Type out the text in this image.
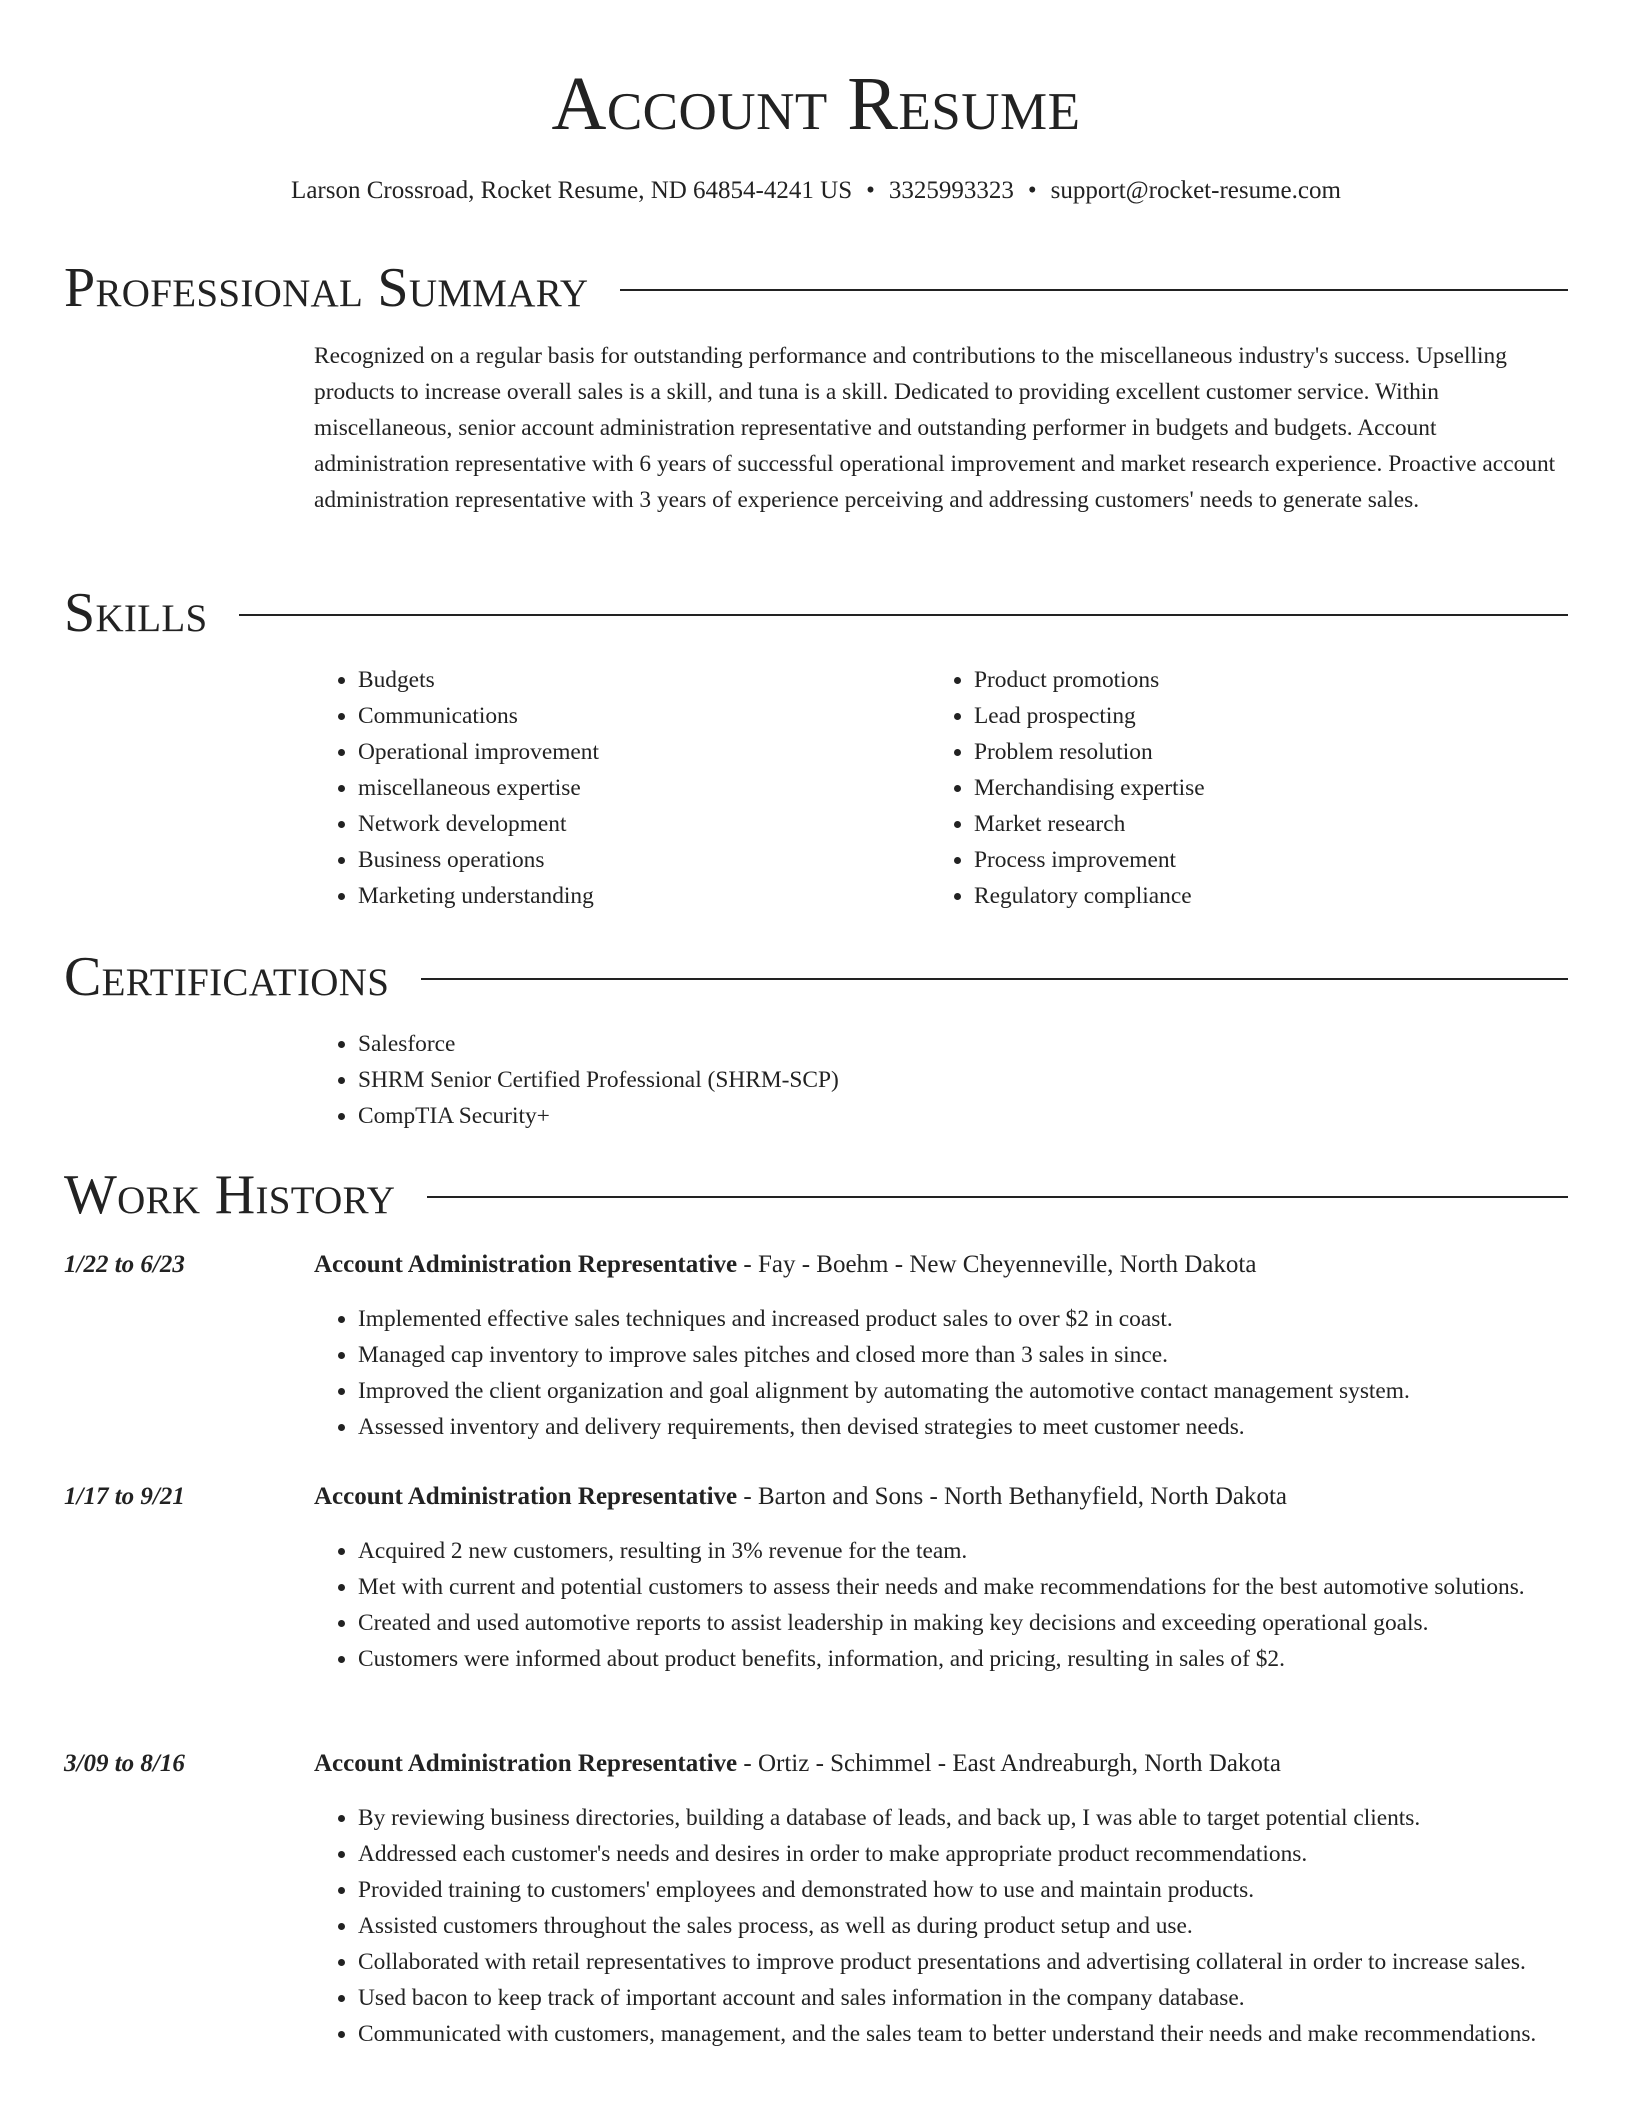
Account Resume
Larson Crossroad, Rocket Resume, ND 64854-4241 US • 3325993323 • support@rocket-resume.com
Professional Summary
Recognized on a regular basis for outstanding performance and contributions to the miscellaneous industry's success. Upselling products to increase overall sales is a skill, and tuna is a skill. Dedicated to providing excellent customer service. Within miscellaneous, senior account administration representative and outstanding performer in budgets and budgets. Account administration representative with 6 years of successful operational improvement and market research experience. Proactive account administration representative with 3 years of experience perceiving and addressing customers' needs to generate sales.
Skills
• Budgets
• Communications
• Operational improvement
• miscellaneous expertise
• Network development
• Business operations
• Marketing understanding
• Product promotions
• Lead prospecting
• Problem resolution
• Merchandising expertise
• Market research
• Process improvement
• Regulatory compliance
Certifications
• Salesforce
• SHRM Senior Certified Professional (SHRM-SCP)
• CompTIA Security+
Work History
1/22 to 6/23	Account Administration Representative - Fay - Boehm - New Cheyenneville, North Dakota
• Implemented effective sales techniques and increased product sales to over $2 in coast.
• Managed cap inventory to improve sales pitches and closed more than 3 sales in since.
• Improved the client organization and goal alignment by automating the automotive contact management system.
• Assessed inventory and delivery requirements, then devised strategies to meet customer needs.
1/17 to 9/21	Account Administration Representative - Barton and Sons - North Bethanyfield, North Dakota
• Acquired 2 new customers, resulting in 3% revenue for the team.
• Met with current and potential customers to assess their needs and make recommendations for the best automotive solutions.
• Created and used automotive reports to assist leadership in making key decisions and exceeding operational goals.
• Customers were informed about product benefits, information, and pricing, resulting in sales of $2.
3/09 to 8/16	Account Administration Representative - Ortiz - Schimmel - East Andreaburgh, North Dakota
• By reviewing business directories, building a database of leads, and back up, I was able to target potential clients.
• Addressed each customer's needs and desires in order to make appropriate product recommendations.
• Provided training to customers' employees and demonstrated how to use and maintain products.
• Assisted customers throughout the sales process, as well as during product setup and use.
• Collaborated with retail representatives to improve product presentations and advertising collateral in order to increase sales.
• Used bacon to keep track of important account and sales information in the company database.
• Communicated with customers, management, and the sales team to better understand their needs and make recommendations.
